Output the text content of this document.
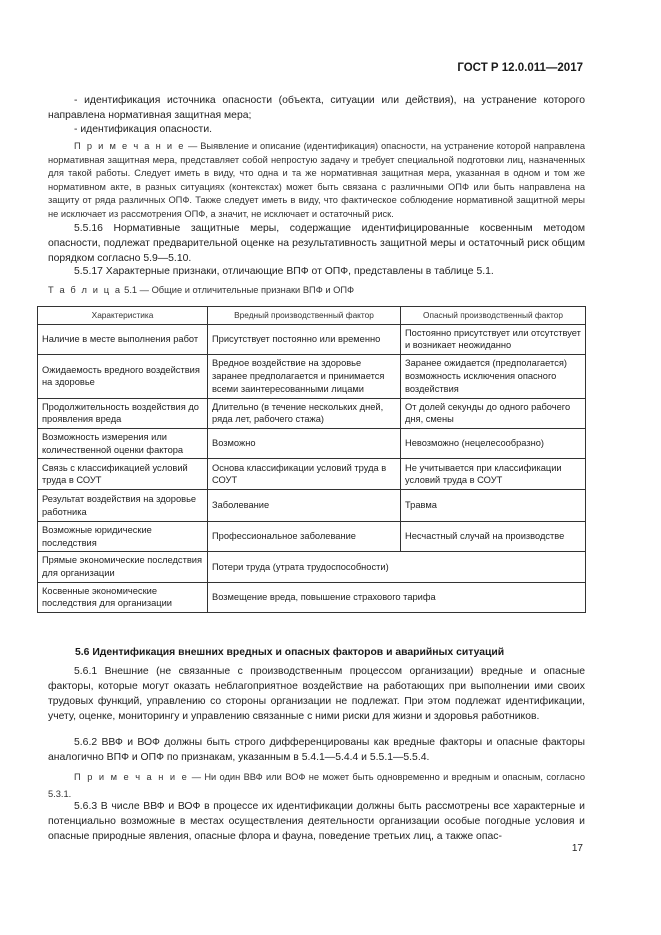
ГОСТ Р 12.0.011—2017

- идентификация источника опасности (объекта, ситуации или действия), на устранение которого направлена нормативная защитная мера;

- идентификация опасности.

П р и м е ч а н и е — Выявление и описание (идентификация) опасности, на устранение которой направлена нормативная защитная мера, представляет собой непростую задачу и требует специальной подготовки лиц, назначенных для такой работы. Следует иметь в виду, что одна и та же нормативная защитная мера, указанная в одном и том же нормативном акте, в разных ситуациях (контекстах) может быть связана с различными ОПФ или быть направлена на защиту от ряда различных ОПФ. Также следует иметь в виду, что фактическое соблюдение нормативной защитной меры не исключает из рассмотрения ОПФ, а значит, не исключает и остаточный риск.

5.5.16 Нормативные защитные меры, содержащие идентифицированные косвенным методом опасности, подлежат предварительной оценке на результативность защитной меры и остаточный риск общим порядком согласно 5.9—5.10.

5.5.17 Характерные признаки, отличающие ВПФ от ОПФ, представлены в таблице 5.1.

Т а б л и ц а 5.1 — Общие и отличительные признаки ВПФ и ОПФ
Характеристика	Вредный производственный фактор	Опасный производственный фактор
Наличие в месте выполнения работ	Присутствует постоянно или временно	Постоянно присутствует или отсутствует и возникает неожиданно
Ожидаемость вредного воздействия на здоровье	Вредное воздействие на здоровье заранее предполагается и принимается всеми заинтересованными лицами	Заранее ожидается (предполагается) возможность исключения опасного воздействия
Продолжительность воздействия до проявления вреда	Длительно (в течение нескольких дней, ряда лет, рабочего стажа)	От долей секунды до одного рабочего дня, смены
Возможность измерения или количественной оценки фактора	Возможно	Невозможно (нецелесообразно)
Связь с классификацией условий труда в СОУТ	Основа классификации условий труда в СОУТ	Не учитывается при классификации условий труда в СОУТ
Результат воздействия на здоровье работника	Заболевание	Травма
Возможные юридические последствия	Профессиональное заболевание	Несчастный случай на производстве
Прямые экономические последствия для организации	Потери труда (утрата трудоспособности)	
Косвенные экономические последствия для организации	Возмещение вреда, повышение страхового тарифа	
5.6 Идентификация внешних вредных и опасных факторов и аварийных ситуаций

5.6.1 Внешние (не связанные с производственным процессом организации) вредные и опасные факторы, которые могут оказать неблагоприятное воздействие на работающих при выполнении ими своих трудовых функций, управлению со стороны организации не подлежат. При этом подлежат идентификации, учету, оценке, мониторингу и управлению связанные с ними риски для жизни и здоровья работников.

5.6.2 ВВФ и ВОФ должны быть строго дифференцированы как вредные факторы и опасные факторы аналогично ВПФ и ОПФ по признакам, указанным в 5.4.1—5.4.4 и 5.5.1—5.5.4.

П р и м е ч а н и е — Ни один ВВФ или ВОФ не может быть одновременно и вредным и опасным, согласно 5.3.1.

5.6.3 В числе ВВФ и ВОФ в процессе их идентификации должны быть рассмотрены все характерные и потенциально возможные в местах осуществления деятельности организации особые погодные условия и опасные природные явления, опасные флора и фауна, поведение третьих лиц, а также опас-

17
